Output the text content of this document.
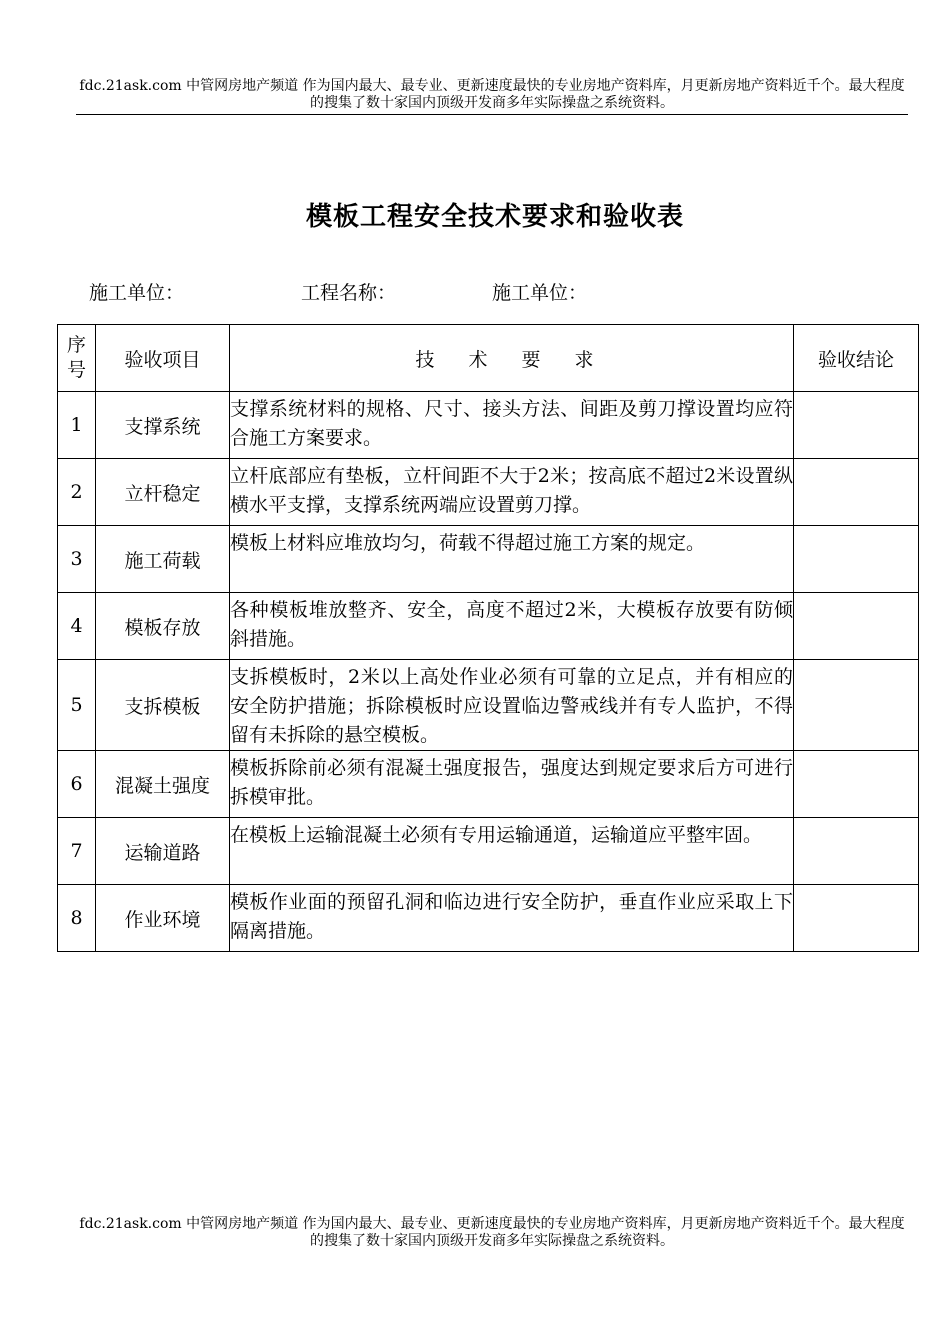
fdc.21ask.com 中管网房地产频道 作为国内最大、最专业、更新速度最快的专业房地产资料库，月更新房地产资料近千个。最大程度的搜集了数十家国内顶级开发商多年实际操盘之系统资料。
模板工程安全技术要求和验收表
施工单位：	工程名称：	施工单位：
序
号	验收项目	技 术 要 求	验收结论
1	支撑系统	支撑系统材料的规格、尺寸、接头方法、间距及剪刀撑设置均应符合施工方案要求。	

2	立杆稳定	立杆底部应有垫板，立杆间距不大于2米；按高底不超过2米设置纵横水平支撑，支撑系统两端应设置剪刀撑。	

3	施工荷载	模板上材料应堆放均匀，荷载不得超过施工方案的规定。	

4	模板存放	各种模板堆放整齐、安全，高度不超过2米，大模板存放要有防倾斜措施。	

5	支拆模板	支拆模板时，2米以上高处作业必须有可靠的立足点，并有相应的安全防护措施；拆除模板时应设置临边警戒线并有专人监护，不得留有未拆除的悬空模板。	

6	混凝土强度	模板拆除前必须有混凝土强度报告，强度达到规定要求后方可进行拆模审批。	

7	运输道路	在模板上运输混凝土必须有专用运输通道，运输道应平整牢固。	

8	作业环境	模板作业面的预留孔洞和临边进行安全防护，垂直作业应采取上下隔离措施。	

fdc.21ask.com 中管网房地产频道 作为国内最大、最专业、更新速度最快的专业房地产资料库，月更新房地产资料近千个。最大程度的搜集了数十家国内顶级开发商多年实际操盘之系统资料。
